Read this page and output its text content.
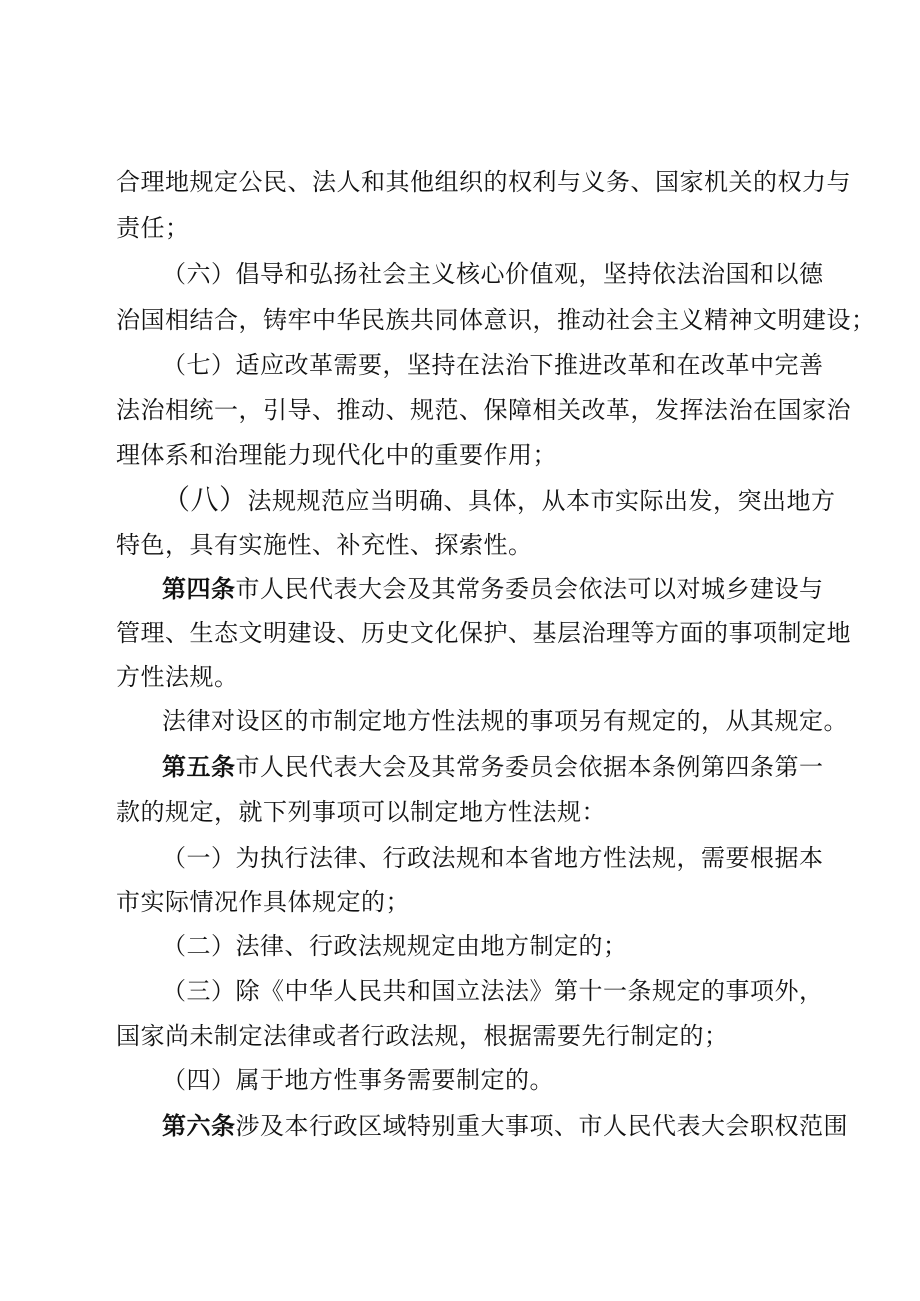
合理地规定公民、法人和其他组织的权利与义务、国家机关的权力与
责任；
（六）倡导和弘扬社会主义核心价值观，坚持依法治国和以德
治国相结合，铸牢中华民族共同体意识，推动社会主义精神文明建设；
（七）适应改革需要，坚持在法治下推进改革和在改革中完善
法治相统一，引导、推动、规范、保障相关改革，发挥法治在国家治
理体系和治理能力现代化中的重要作用；
（八）法规规范应当明确、具体，从本市实际出发，突出地方
特色，具有实施性、补充性、探索性。
第四条市人民代表大会及其常务委员会依法可以对城乡建设与
管理、生态文明建设、历史文化保护、基层治理等方面的事项制定地
方性法规。
法律对设区的市制定地方性法规的事项另有规定的，从其规定。
第五条市人民代表大会及其常务委员会依据本条例第四条第一
款的规定，就下列事项可以制定地方性法规：
（一）为执行法律、行政法规和本省地方性法规，需要根据本
市实际情况作具体规定的；
（二）法律、行政法规规定由地方制定的；
（三）除《中华人民共和国立法法》第十一条规定的事项外，
国家尚未制定法律或者行政法规，根据需要先行制定的；
（四）属于地方性事务需要制定的。
第六条涉及本行政区域特别重大事项、市人民代表大会职权范围
